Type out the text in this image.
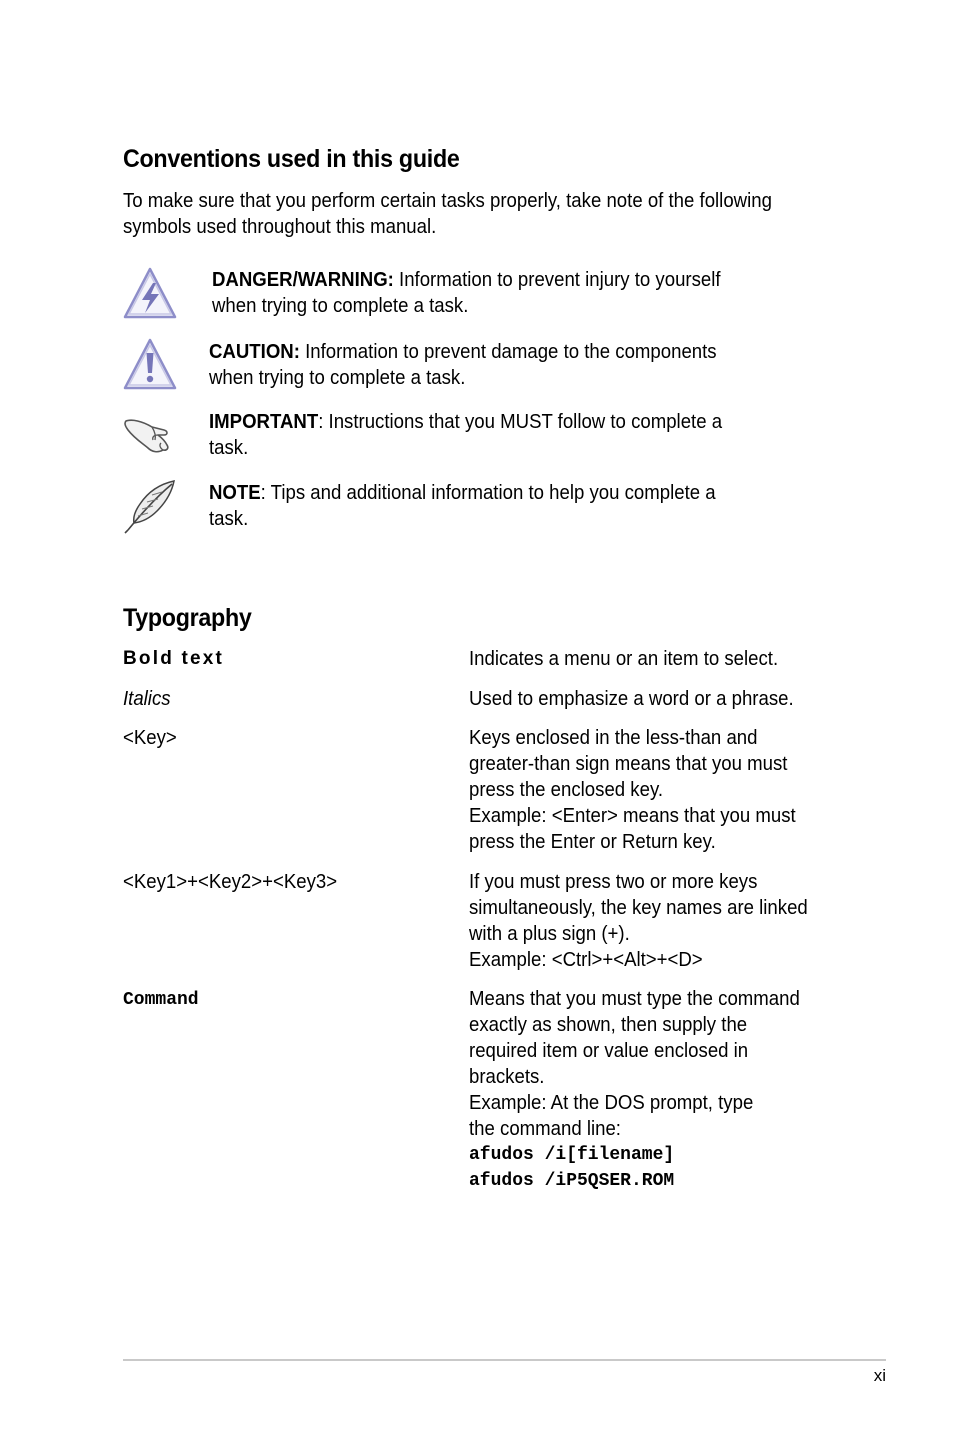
Conventions used in this guide

To make sure that you perform certain tasks properly, take note of the following
symbols used throughout this manual.

DANGER/WARNING: Information to prevent injury to yourself
when trying to complete a task.
CAUTION: Information to prevent damage to the components
when trying to complete a task.
IMPORTANT: Instructions that you MUST follow to complete a
task.
NOTE: Tips and additional information to help you complete a
task.
Typography
Bold text	Indicates a menu or an item to select.
Italics	Used to emphasize a word or a phrase.
<Key>	Keys enclosed in the less-than and
greater-than sign means that you must
press the enclosed key.
Example: <Enter> means that you must
press the Enter or Return key.
<Key1>+<Key2>+<Key3>	If you must press two or more keys
simultaneously, the key names are linked
with a plus sign (+).
Example: <Ctrl>+<Alt>+<D>
Command	Means that you must type the command
exactly as shown, then supply the
required item or value enclosed in
brackets.
Example: At the DOS prompt, type
the command line:
afudos /i[filename]
afudos /iP5QSER.ROM
xi
